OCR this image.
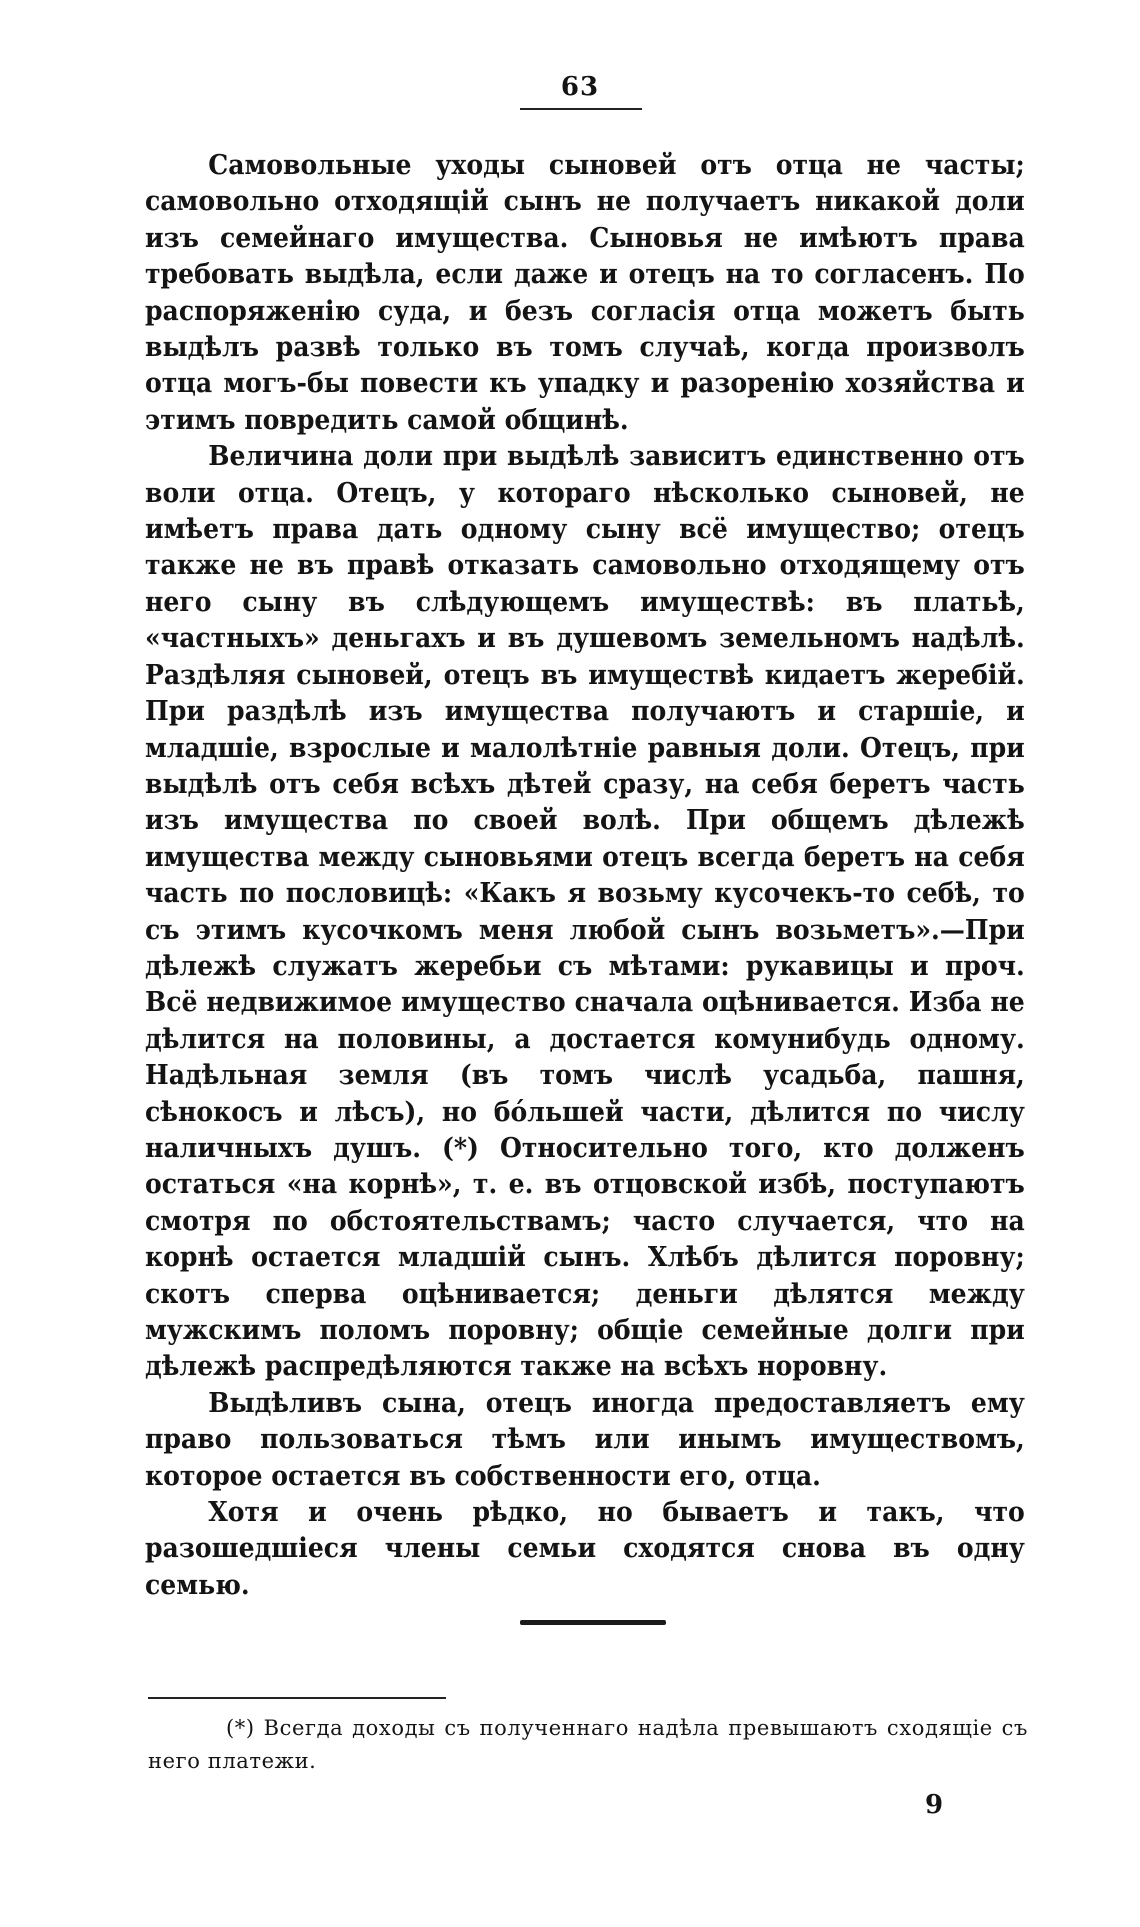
63

Самовольные уходы сыновей отъ отца не часты; самовольно отходящій сынъ не получаетъ никакой доли изъ семейнаго имущества. Сыновья не имѣютъ права требовать выдѣла, если даже и отецъ на то согласенъ. По распоряженію суда, и безъ согласія отца можетъ быть выдѣлъ развѣ только въ томъ случаѣ, когда произволъ отца могъ-бы повести къ упадку и разоренію хозяйства и этимъ повредить самой общинѣ.

Величина доли при выдѣлѣ зависитъ единственно отъ воли отца. Отецъ, у котораго нѣсколько сыновей, не имѣетъ права дать одному сыну всё имущество; отецъ также не въ правѣ отказать самовольно отходящему отъ него сыну въ слѣдующемъ имуществѣ: въ платьѣ, «частныхъ» деньгахъ и въ душевомъ земельномъ надѣлѣ. Раздѣляя сыновей, отецъ въ имуществѣ кидаетъ жеребій. При раздѣлѣ изъ имущества получаютъ и старшіе, и младшіе, взрослые и малолѣтніе равныя доли. Отецъ, при выдѣлѣ отъ себя всѣхъ дѣтей сразу, на себя беретъ часть изъ имущества по своей волѣ. При общемъ дѣлежѣ имущества между сыновьями отецъ всегда беретъ на себя часть по пословицѣ: «Какъ я возьму кусочекъ-то себѣ, то съ этимъ кусочкомъ меня любой сынъ возьметъ».—При дѣлежѣ служатъ жеребьи съ мѣтами: рукавицы и проч. Всё недвижимое имущество сначала оцѣнивается. Изба не дѣлится на половины, а достается комунибудь одному. Надѣльная земля (въ томъ числѣ усадьба, пашня, сѣнокосъ и лѣсъ), но бо́льшей части, дѣлится по числу наличныхъ душъ. (*) Относительно того, кто долженъ остаться «на корнѣ», т. е. въ отцовской избѣ, поступаютъ смотря по обстоятельствамъ; часто случается, что на корнѣ остается младшій сынъ. Хлѣбъ дѣлится поровну; скотъ сперва оцѣнивается; деньги дѣлятся между мужскимъ поломъ поровну; общіе семейные долги при дѣлежѣ распредѣляются также на всѣхъ норовну.

Выдѣливъ сына, отецъ иногда предоставляетъ ему право пользоваться тѣмъ или инымъ имуществомъ, которое остается въ собственности его, отца.

Хотя и очень рѣдко, но бываетъ и такъ, что разошедшіеся члены семьи сходятся снова въ одну семью.

(*) Всегда доходы съ полученнаго надѣла превышаютъ сходящіе съ него платежи.

9
